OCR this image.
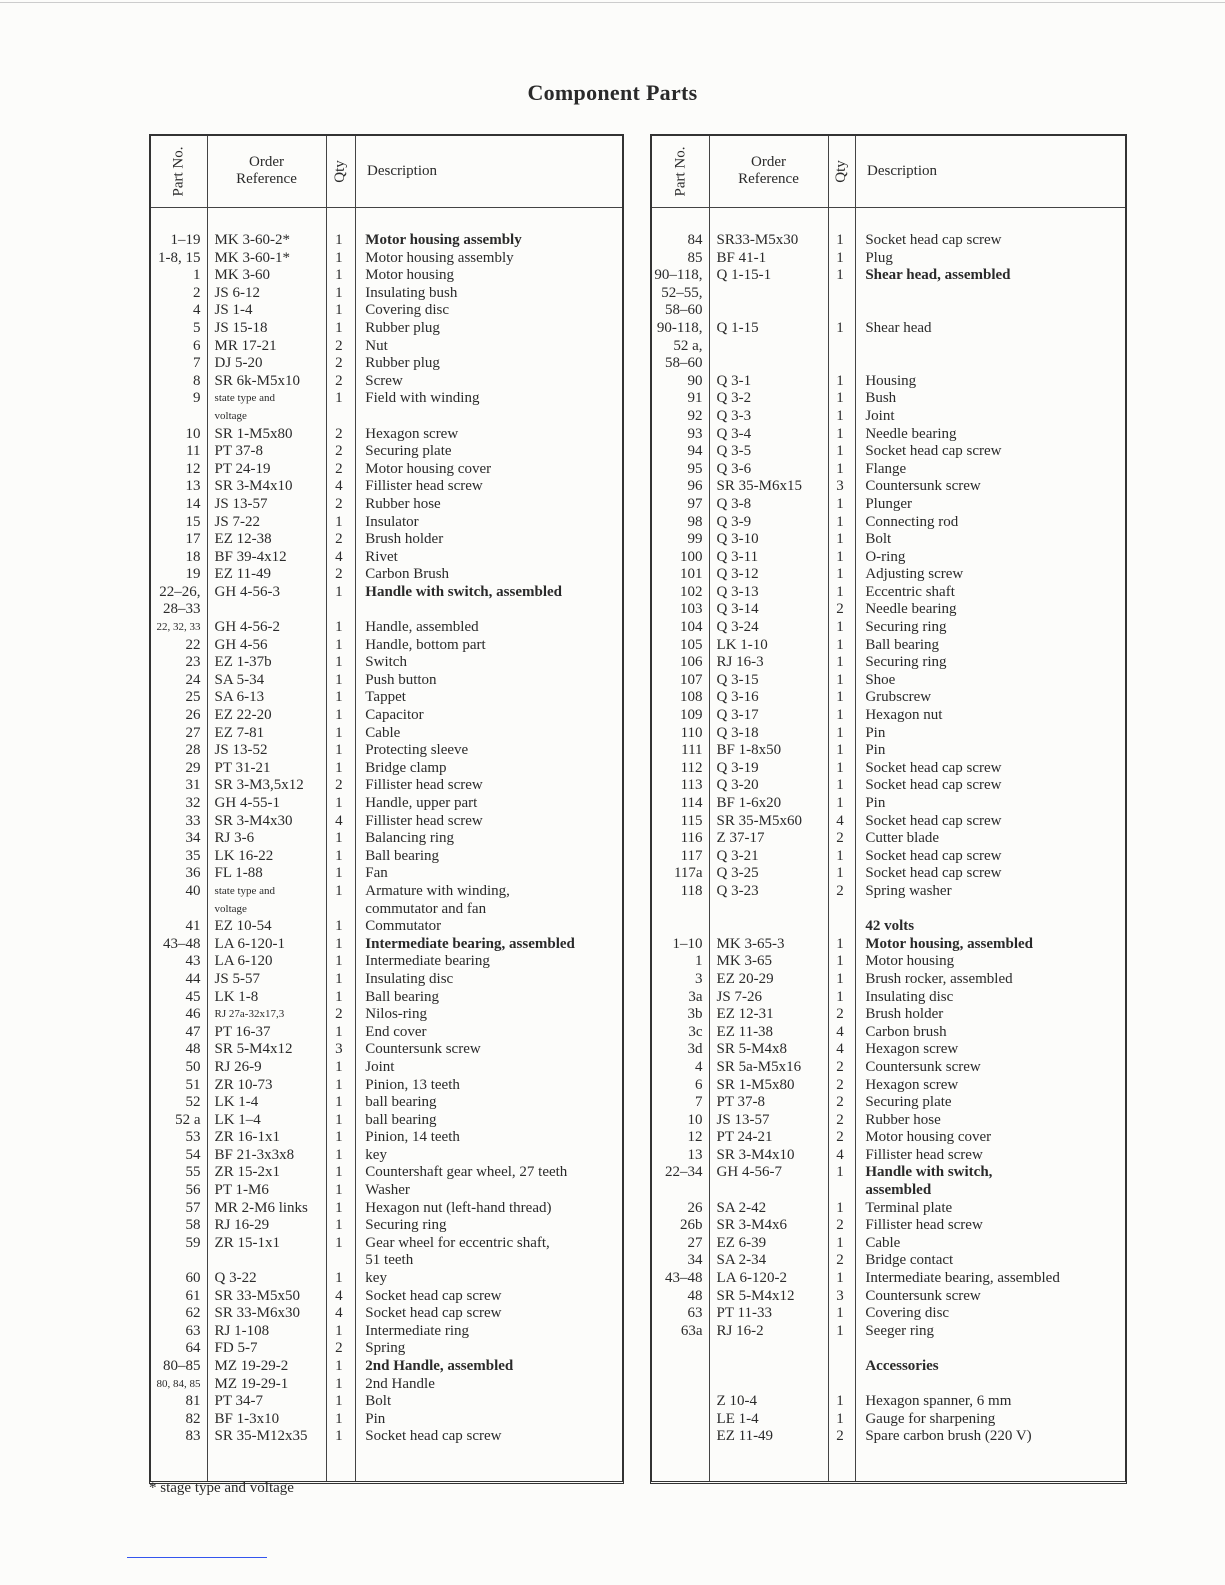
Component Parts
Part No.	Order Reference	Qty Description
1–19 MK 3-60-2*	1	Motor housing assembly
1-8, 15 MK 3-60-1*	1	Motor housing assembly
1 MK 3-60	1	Motor housing
2 JS 6-12	1	Insulating bush
4 JS 1-4	1	Covering disc
5 JS 15-18	1	Rubber plug
6 MR 17-21	2	Nut
7 DJ 5-20	2	Rubber plug
8 SR 6k-M5x10	2	Screw
9	state type and	1	Field with winding
voltage
10 SR 1-M5x80	2	Hexagon screw
11 PT 37-8	2	Securing plate
12 PT 24-19	2	Motor housing cover
13 SR 3-M4x10	4	Fillister head screw
14 JS 13-57	2	Rubber hose
15 JS 7-22	1	Insulator
17 EZ 12-38	2	Brush holder
18 BF 39-4x12	4	Rivet
19 EZ 11-49	2	Carbon Brush
22–26, GH 4-56-3	1	Handle with switch, assembled
28–33
22, 32, 33 GH 4-56-2	1	Handle, assembled
22 GH 4-56	1	Handle, bottom part
23 EZ 1-37b	1	Switch
24 SA 5-34	1	Push button
25 SA 6-13	1	Tappet
26 EZ 22-20	1	Capacitor
27 EZ 7-81	1	Cable
28 JS 13-52	1	Protecting sleeve
29 PT 31-21	1	Bridge clamp
31 SR 3-M3,5x12	2	Fillister head screw
32 GH 4-55-1	1	Handle, upper part
33 SR 3-M4x30	4	Fillister head screw
34 RJ 3-6	1	Balancing ring
35 LK 16-22	1	Ball bearing
36 FL 1-88	1	Fan
40	state type and	1	Armature with winding,
voltage	commutator and fan
41 EZ 10-54	1	Commutator
43–48 LA 6-120-1	1	Intermediate bearing, assembled
43 LA 6-120	1	Intermediate bearing
44 JS 5-57	1	Insulating disc
45 LK 1-8	1	Ball bearing
46	RJ 27a-32x17,3	2	Nilos-ring
47 PT 16-37	1	End cover
48 SR 5-M4x12	3	Countersunk screw
50 RJ 26-9	1	Joint
51 ZR 10-73	1	Pinion, 13 teeth
52 LK 1-4	1	ball bearing
52 a LK 1–4	1	ball bearing
53 ZR 16-1x1	1	Pinion, 14 teeth
54 BF 21-3x3x8	1	key
55 ZR 15-2x1	1	Countershaft gear wheel, 27 teeth
56 PT 1-M6	1	Washer
57 MR 2-M6 links	1	Hexagon nut (left-hand thread)
58 RJ 16-29	1	Securing ring
59 ZR 15-1x1	1	Gear wheel for eccentric shaft,
51 teeth
60 Q 3-22	1	key
61 SR 33-M5x50	4	Socket head cap screw
62 SR 33-M6x30	4	Socket head cap screw
63 RJ 1-108	1	Intermediate ring
64 FD 5-7	2	Spring
80–85 MZ 19-29-2	1	2nd Handle, assembled
80, 84, 85 MZ 19-29-1	1	2nd Handle
81 PT 34-7	1	Bolt
82 BF 1-3x10	1	Pin
83 SR 35-M12x35	1	Socket head cap screw
Part No.	Order Reference	Qty Description
84 SR33-M5x30	1	Socket head cap screw
85 BF 41-1	1	Plug
90–118, Q 1-15-1	1	Shear head, assembled
52–55,
58–60
90-118, Q 1-15	1	Shear head
52 a,
58–60
90 Q 3-1	1	Housing
91 Q 3-2	1	Bush
92 Q 3-3	1	Joint
93 Q 3-4	1	Needle bearing
94 Q 3-5	1	Socket head cap screw
95 Q 3-6	1	Flange
96 SR 35-M6x15	3	Countersunk screw
97 Q 3-8	1	Plunger
98 Q 3-9	1	Connecting rod
99 Q 3-10	1	Bolt
100 Q 3-11	1	O-ring
101 Q 3-12	1	Adjusting screw
102 Q 3-13	1	Eccentric shaft
103 Q 3-14	2	Needle bearing
104 Q 3-24	1	Securing ring
105 LK 1-10	1	Ball bearing
106 RJ 16-3	1	Securing ring
107 Q 3-15	1	Shoe
108 Q 3-16	1	Grubscrew
109 Q 3-17	1	Hexagon nut
110 Q 3-18	1	Pin
111 BF 1-8x50	1	Pin
112 Q 3-19	1	Socket head cap screw
113 Q 3-20	1	Socket head cap screw
114 BF 1-6x20	1	Pin
115 SR 35-M5x60	4	Socket head cap screw
116 Z 37-17	2	Cutter blade
117 Q 3-21	1	Socket head cap screw
117a Q 3-25	1	Socket head cap screw
118 Q 3-23	2	Spring washer
42 volts
1–10 MK 3-65-3	1	Motor housing, assembled
1 MK 3-65	1	Motor housing
3 EZ 20-29	1	Brush rocker, assembled
3a JS 7-26	1	Insulating disc
3b EZ 12-31	2	Brush holder
3c EZ 11-38	4	Carbon brush
3d SR 5-M4x8	4	Hexagon screw
4 SR 5a-M5x16	2	Countersunk screw
6 SR 1-M5x80	2	Hexagon screw
7 PT 37-8	2	Securing plate
10 JS 13-57	2	Rubber hose
12 PT 24-21	2	Motor housing cover
13 SR 3-M4x10	4	Fillister head screw
22–34 GH 4-56-7	1	Handle with switch,
assembled
26 SA 2-42	1	Terminal plate
26b SR 3-M4x6	2	Fillister head screw
27 EZ 6-39	1	Cable
34 SA 2-34	2	Bridge contact
43–48 LA 6-120-2	1	Intermediate bearing, assembled
48 SR 5-M4x12	3	Countersunk screw
63 PT 11-33	1	Covering disc
63a RJ 16-2	1	Seeger ring
Accessories
Z 10-4	1	Hexagon spanner, 6 mm
LE 1-4	1	Gauge for sharpening
EZ 11-49	2	Spare carbon brush (220 V)
* stage type and voltage
